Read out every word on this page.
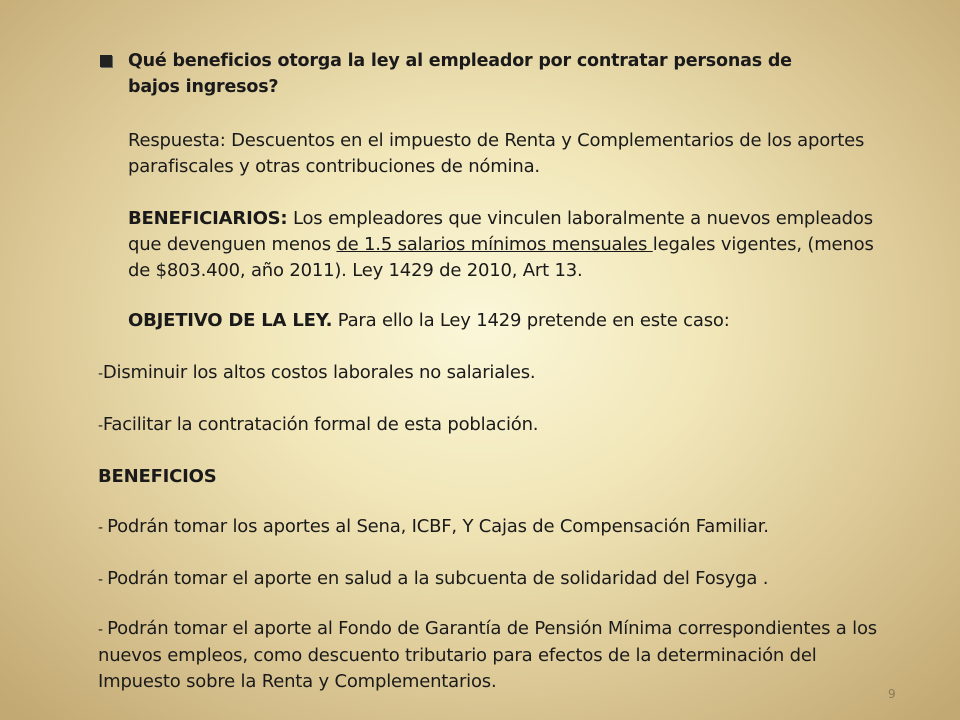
Qué beneficios otorga la ley al empleador por contratar personas de bajos ingresos?

Respuesta: Descuentos en el impuesto de Renta y Complementarios de los aportes parafiscales y otras contribuciones de nómina.

BENEFICIARIOS: Los empleadores que vinculen laboralmente a nuevos empleados que devenguen menos de 1.5 salarios mínimos mensuales legales vigentes, (menos de $803.400, año 2011). Ley 1429 de 2010, Art 13.

OBJETIVO DE LA LEY. Para ello la Ley 1429 pretende en este caso:

-Disminuir los altos costos laborales no salariales.

-Facilitar la contratación formal de esta población.

BENEFICIOS

- Podrán tomar los aportes al Sena, ICBF, Y Cajas de Compensación Familiar.

- Podrán tomar el aporte en salud a la subcuenta de solidaridad del Fosyga .

- Podrán tomar el aporte al Fondo de Garantía de Pensión Mínima correspondientes a los nuevos empleos, como descuento tributario para efectos de la determinación del Impuesto sobre la Renta y Complementarios.

9
